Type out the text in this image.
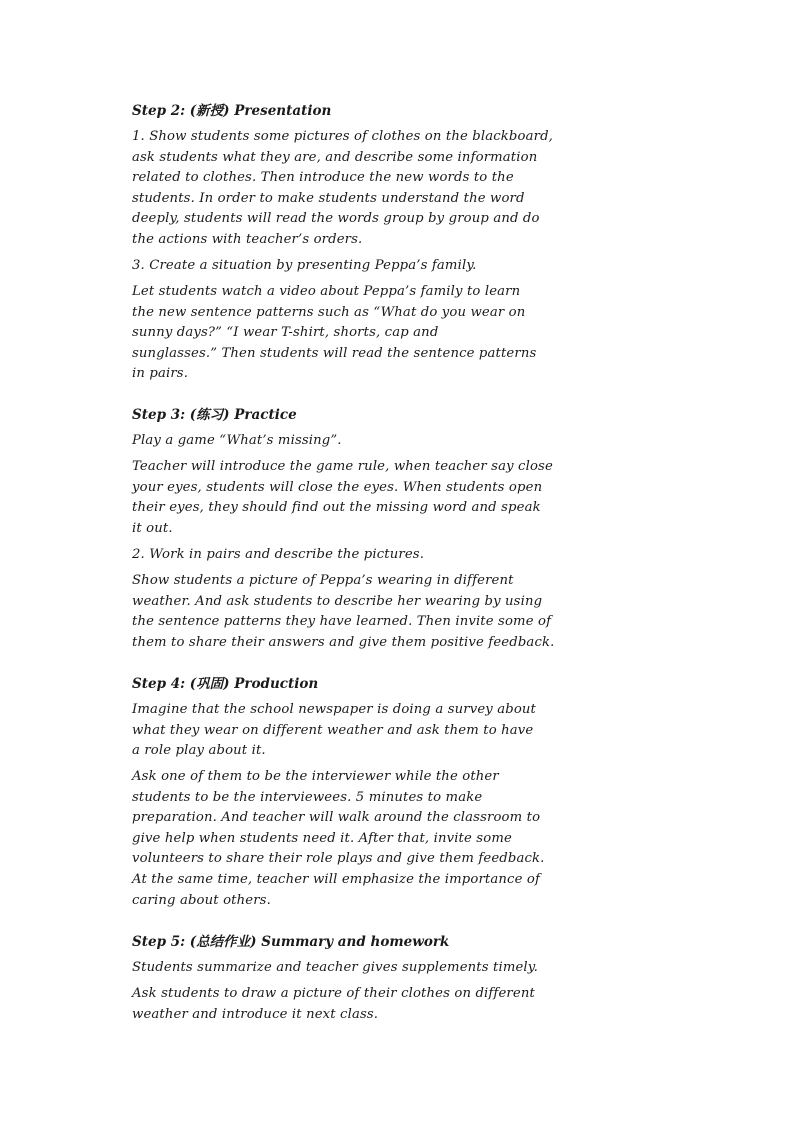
Step 2: (新授) Presentation

1. Show students some pictures of clothes on the blackboard,
ask students what they are, and describe some information
related to clothes. Then introduce the new words to the
students. In order to make students understand the word
deeply, students will read the words group by group and do
the actions with teacher’s orders.

3. Create a situation by presenting Peppa’s family.

Let students watch a video about Peppa’s family to learn
the new sentence patterns such as “What do you wear on
sunny days?” “I wear T-shirt, shorts, cap and
sunglasses.” Then students will read the sentence patterns
in pairs.

Step 3: (练习) Practice

Play a game “What’s missing”.

Teacher will introduce the game rule, when teacher say close
your eyes, students will close the eyes. When students open
their eyes, they should find out the missing word and speak
it out.

2. Work in pairs and describe the pictures.

Show students a picture of Peppa’s wearing in different
weather. And ask students to describe her wearing by using
the sentence patterns they have learned. Then invite some of
them to share their answers and give them positive feedback.

Step 4: (巩固) Production

Imagine that the school newspaper is doing a survey about
what they wear on different weather and ask them to have
a role play about it.

Ask one of them to be the interviewer while the other
students to be the interviewees. 5 minutes to make
preparation. And teacher will walk around the classroom to
give help when students need it. After that, invite some
volunteers to share their role plays and give them feedback.
At the same time, teacher will emphasize the importance of
caring about others.

Step 5: (总结作业) Summary and homework

Students summarize and teacher gives supplements timely.

Ask students to draw a picture of their clothes on different
weather and introduce it next class.
